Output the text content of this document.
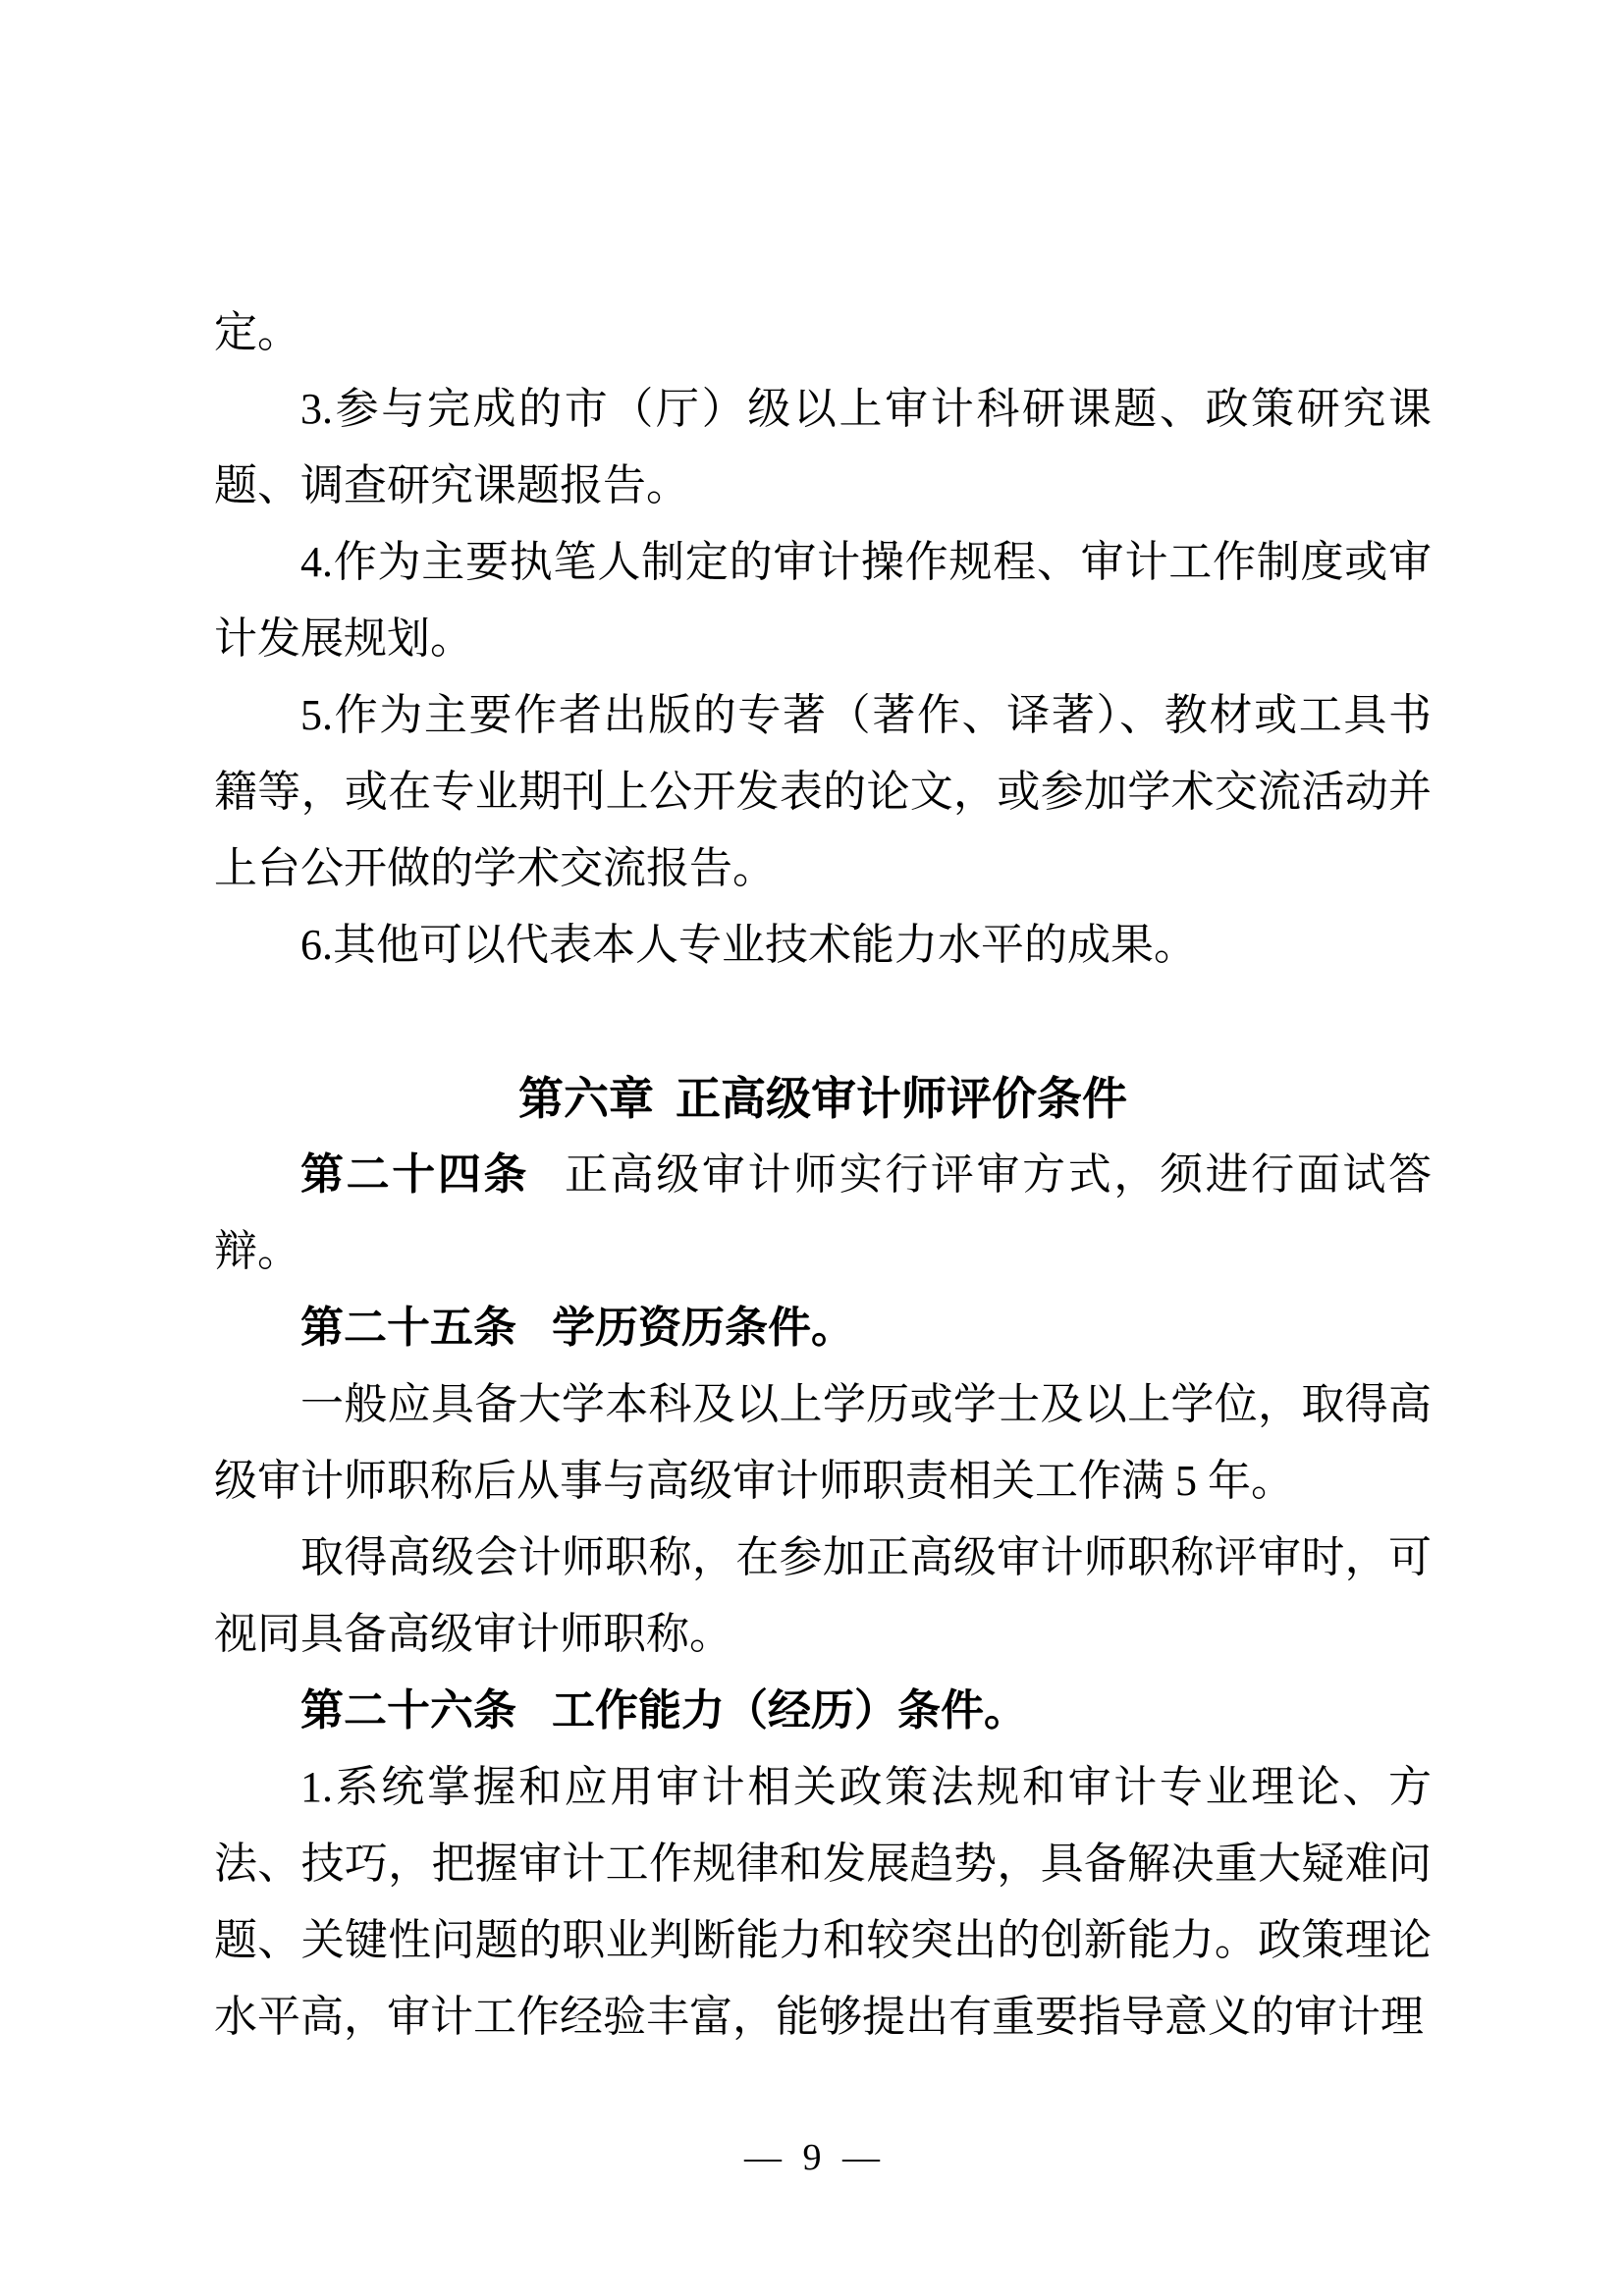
定。

3.参与完成的市（厅）级以上审计科研课题、政策研究课题、调查研究课题报告。

4.作为主要执笔人制定的审计操作规程、审计工作制度或审计发展规划。

5.作为主要作者出版的专著（著作、译著）、教材或工具书籍等，或在专业期刊上公开发表的论文，或参加学术交流活动并上台公开做的学术交流报告。

6.其他可以代表本人专业技术能力水平的成果。

第六章 正高级审计师评价条件

第二十四条 正高级审计师实行评审方式，须进行面试答辩。

第二十五条 学历资历条件。

一般应具备大学本科及以上学历或学士及以上学位，取得高级审计师职称后从事与高级审计师职责相关工作满 5 年。

取得高级会计师职称，在参加正高级审计师职称评审时，可视同具备高级审计师职称。

第二十六条 工作能力（经历）条件。

1.系统掌握和应用审计相关政策法规和审计专业理论、方法、技巧，把握审计工作规律和发展趋势，具备解决重大疑难问题、关键性问题的职业判断能力和较突出的创新能力。政策理论水平高，审计工作经验丰富，能够提出有重要指导意义的审计理

— 9 —
